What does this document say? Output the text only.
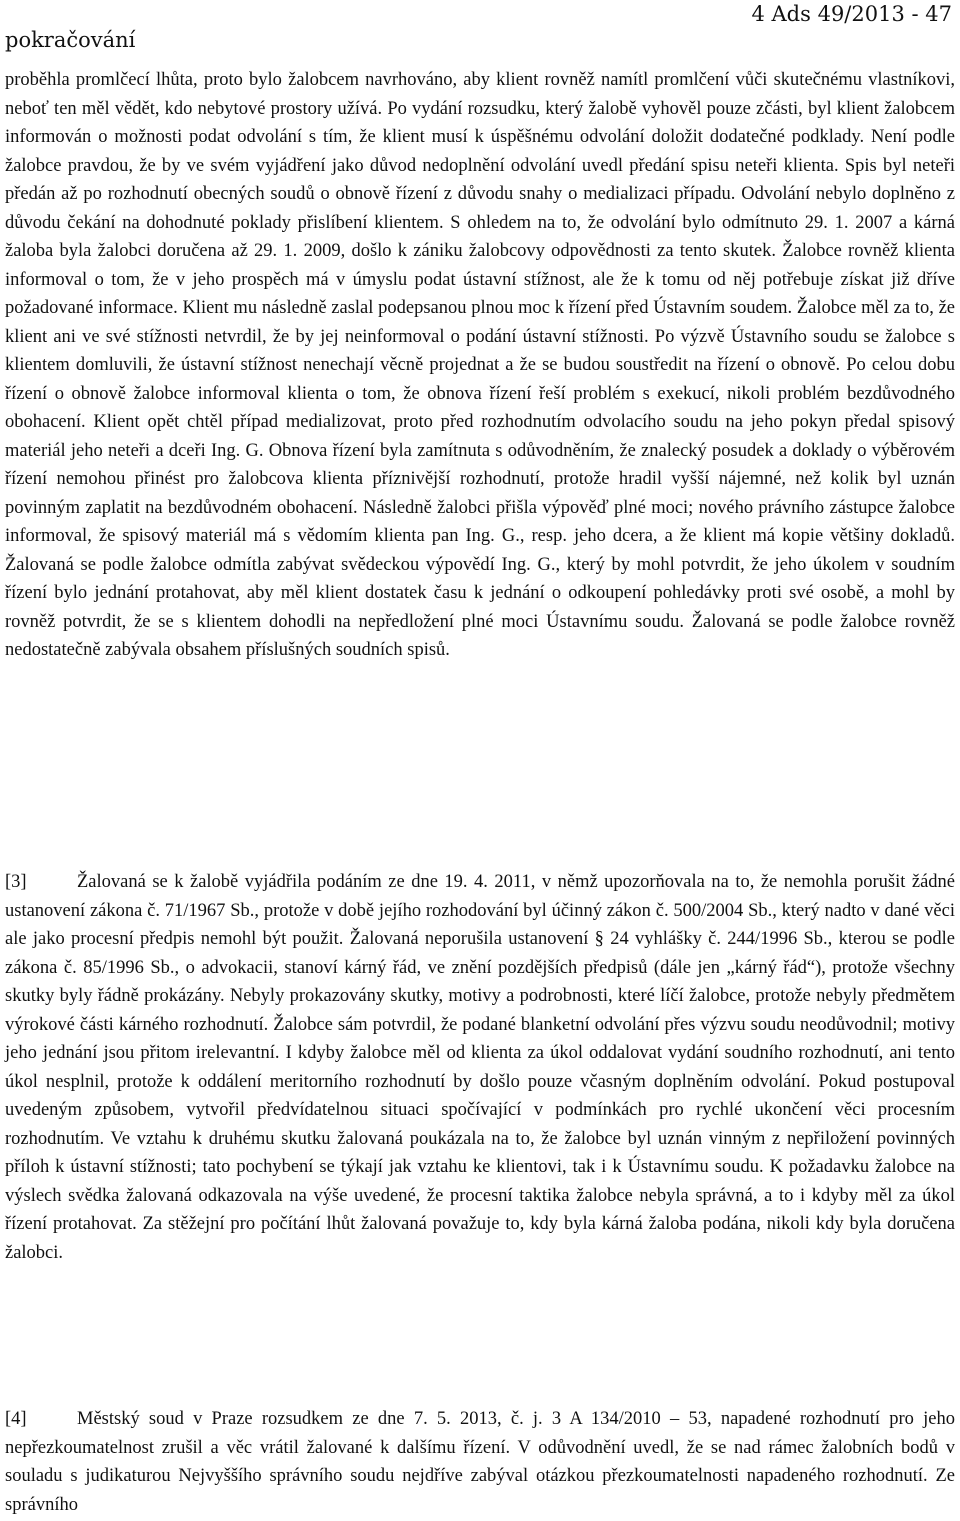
pokračování
4 Ads 49/2013 - 47

proběhla promlčecí lhůta, proto bylo žalobcem navrhováno, aby klient rovněž namítl promlčení vůči skutečnému vlastníkovi, neboť ten měl vědět, kdo nebytové prostory užívá. Po vydání rozsudku, který žalobě vyhověl pouze zčásti, byl klient žalobcem informován o možnosti podat odvolání s tím, že klient musí k úspěšnému odvolání doložit dodatečné podklady. Není podle žalobce pravdou, že by ve svém vyjádření jako důvod nedoplnění odvolání uvedl předání spisu neteři klienta. Spis byl neteři předán až po rozhodnutí obecných soudů o obnově řízení z důvodu snahy o medializaci případu. Odvolání nebylo doplněno z důvodu čekání na dohodnuté poklady přislíbení klientem. S ohledem na to, že odvolání bylo odmítnuto 29. 1. 2007 a kárná žaloba byla žalobci doručena až 29. 1. 2009, došlo k zániku žalobcovy odpovědnosti za tento skutek. Žalobce rovněž klienta informoval o tom, že v jeho prospěch má v úmyslu podat ústavní stížnost, ale že k tomu od něj potřebuje získat již dříve požadované informace. Klient mu následně zaslal podepsanou plnou moc k řízení před Ústavním soudem. Žalobce měl za to, že klient ani ve své stížnosti netvrdil, že by jej neinformoval o podání ústavní stížnosti. Po výzvě Ústavního soudu se žalobce s klientem domluvili, že ústavní stížnost nenechají věcně projednat a že se budou soustředit na řízení o obnově. Po celou dobu řízení o obnově žalobce informoval klienta o tom, že obnova řízení řeší problém s exekucí, nikoli problém bezdůvodného obohacení. Klient opět chtěl případ medializovat, proto před rozhodnutím odvolacího soudu na jeho pokyn předal spisový materiál jeho neteři a dceři Ing. G. Obnova řízení byla zamítnuta s odůvodněním, že znalecký posudek a doklady o výběrovém řízení nemohou přinést pro žalobcova klienta příznivější rozhodnutí, protože hradil vyšší nájemné, než kolik byl uznán povinným zaplatit na bezdůvodném obohacení. Následně žalobci přišla výpověď plné moci; nového právního zástupce žalobce informoval, že spisový materiál má s vědomím klienta pan Ing. G., resp. jeho dcera, a že klient má kopie většiny dokladů. Žalovaná se podle žalobce odmítla zabývat svědeckou výpovědí Ing. G., který by mohl potvrdit, že jeho úkolem v soudním řízení bylo jednání protahovat, aby měl klient dostatek času k jednání o odkoupení pohledávky proti své osobě, a mohl by rovněž potvrdit, že se s klientem dohodli na nepředložení plné moci Ústavnímu soudu. Žalovaná se podle žalobce rovněž nedostatečně zabývala obsahem příslušných soudních spisů.

[3]	Žalovaná se k žalobě vyjádřila podáním ze dne 19. 4. 2011, v němž upozorňovala na to, že nemohla porušit žádné ustanovení zákona č. 71/1967 Sb., protože v době jejího rozhodování byl účinný zákon č. 500/2004 Sb., který nadto v dané věci ale jako procesní předpis nemohl být použit. Žalovaná neporušila ustanovení § 24 vyhlášky č. 244/1996 Sb., kterou se podle zákona č. 85/1996 Sb., o advokacii, stanoví kárný řád, ve znění pozdějších předpisů (dále jen „kárný řád“), protože všechny skutky byly řádně prokázány. Nebyly prokazovány skutky, motivy a podrobnosti, které líčí žalobce, protože nebyly předmětem výrokové části kárného rozhodnutí. Žalobce sám potvrdil, že podané blanketní odvolání přes výzvu soudu neodůvodnil; motivy jeho jednání jsou přitom irelevantní. I kdyby žalobce měl od klienta za úkol oddalovat vydání soudního rozhodnutí, ani tento úkol nesplnil, protože k oddálení meritorního rozhodnutí by došlo pouze včasným doplněním odvolání. Pokud postupoval uvedeným způsobem, vytvořil předvídatelnou situaci spočívající v podmínkách pro rychlé ukončení věci procesním rozhodnutím. Ve vztahu k druhému skutku žalovaná poukázala na to, že žalobce byl uznán vinným z nepřiložení povinných příloh k ústavní stížnosti; tato pochybení se týkají jak vztahu ke klientovi, tak i k Ústavnímu soudu. K požadavku žalobce na výslech svědka žalovaná odkazovala na výše uvedené, že procesní taktika žalobce nebyla správná, a to i kdyby měl za úkol řízení protahovat. Za stěžejní pro počítání lhůt žalovaná považuje to, kdy byla kárná žaloba podána, nikoli kdy byla doručena žalobci.

[4]	Městský soud v Praze rozsudkem ze dne 7. 5. 2013, č. j. 3 A 134/2010 – 53, napadené rozhodnutí pro jeho nepřezkoumatelnost zrušil a věc vrátil žalované k dalšímu řízení. V odůvodnění uvedl, že se nad rámec žalobních bodů v souladu s judikaturou Nejvyššího správního soudu nejdříve zabýval otázkou přezkoumatelnosti napadeného rozhodnutí. Ze správního
